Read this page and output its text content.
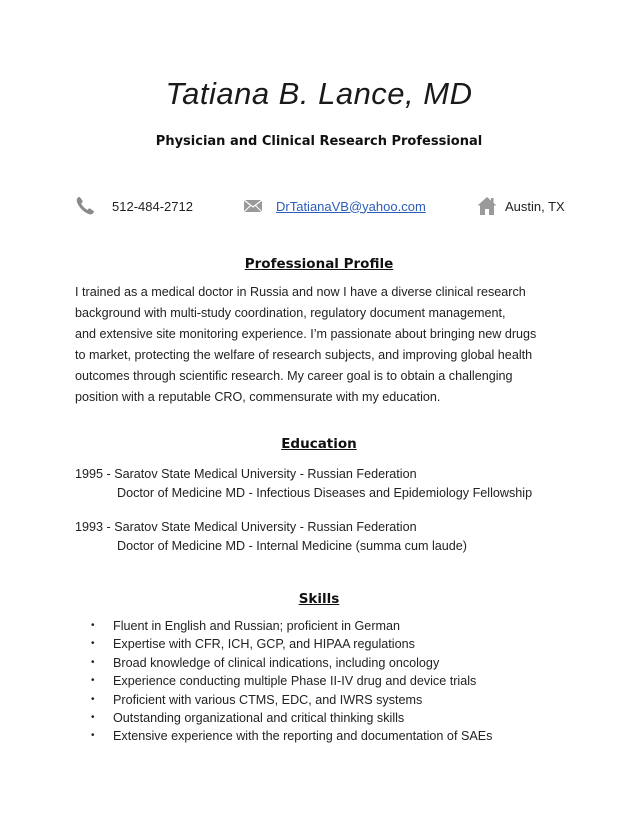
Tatiana B. Lance, MD
Physician and Clinical Research Professional
512-484-2712	DrTatianaVB@yahoo.com	Austin, TX
Professional Profile
I trained as a medical doctor in Russia and now I have a diverse clinical research
background with multi-study coordination, regulatory document management,
and extensive site monitoring experience. I’m passionate about bringing new drugs
to market, protecting the welfare of research subjects, and improving global health
outcomes through scientific research. My career goal is to obtain a challenging
position with a reputable CRO, commensurate with my education.
Education
1995 - Saratov State Medical University - Russian Federation
Doctor of Medicine MD - Infectious Diseases and Epidemiology Fellowship
1993 - Saratov State Medical University - Russian Federation
Doctor of Medicine MD - Internal Medicine (summa cum laude)
Skills
• Fluent in English and Russian; proficient in German
• Expertise with CFR, ICH, GCP, and HIPAA regulations
• Broad knowledge of clinical indications, including oncology
• Experience conducting multiple Phase II-IV drug and device trials
• Proficient with various CTMS, EDC, and IWRS systems
• Outstanding organizational and critical thinking skills
• Extensive experience with the reporting and documentation of SAEs
